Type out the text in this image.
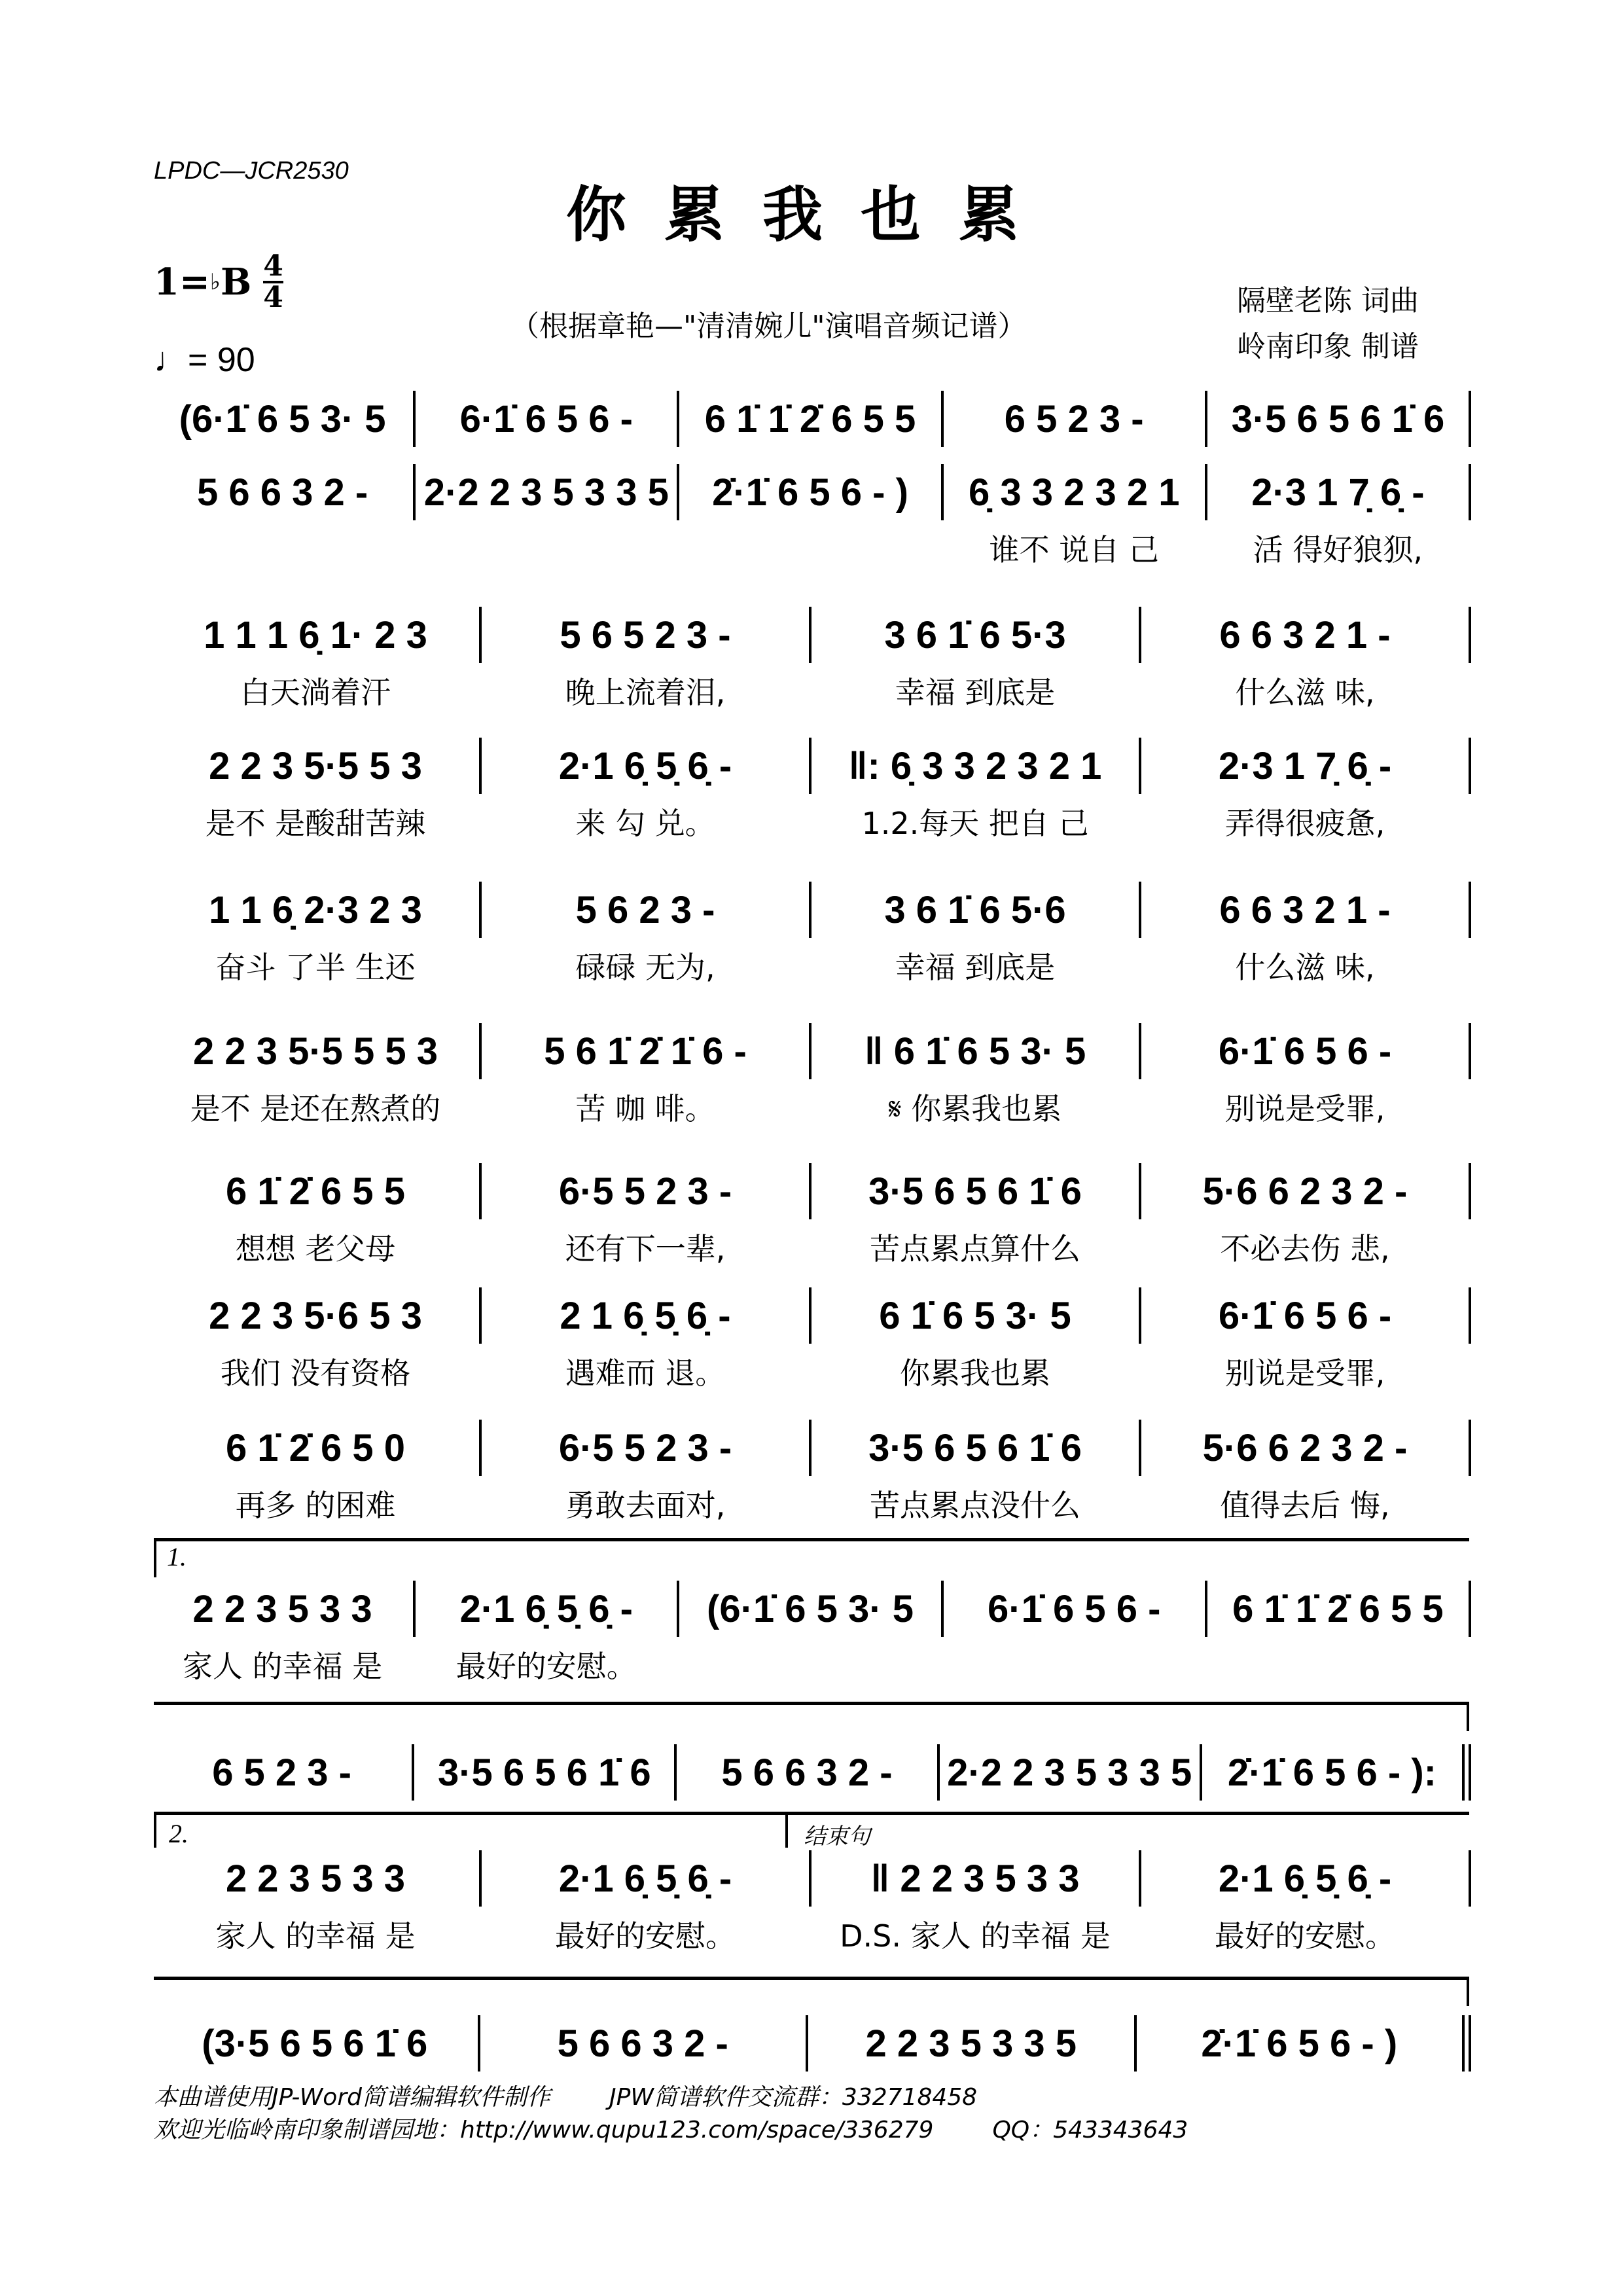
LPDC—JCR2530
你累我也累
1= ♭ B $\frac{4}{4}$
♩= 90
（根据章艳—"清清婉儿"演唱音频记谱）
隔壁老陈 词曲
岭南印象 制谱
(6·1̇ 6 5 3· 5	6·1̇ 6 5 6 -	6 1̇ 1̇ 2̇ 6 5 5	6 5 2 3 -	3·5 6 5 6 1̇ 6
5 6 6 3 2 -	2·2 2 3 5 3 3 5	2̇·1̇ 6 5 6 - )	6̣ 3 3 2 3 2 1	2·3 1 7̣ 6̣ -
谁不 说自 己	活 得好狼狈,
1 1 1 6̣ 1· 2 3	5 6 5 2 3 -	3 6 1̇ 6 5·3	6 6 3 2 1 -
白天淌着汗	晚上流着泪,	幸福 到底是	什么滋 味,
2 2 3 5·5 5 3	2·1 6̣ 5̣ 6̣ -	‖: 6̣ 3 3 2 3 2 1	2·3 1 7̣ 6̣ -
是不 是酸甜苦辣	来 勾 兑。	1.2.每天 把自 己	弄得很疲惫,
1 1 6̣ 2·3 2 3	5 6 2 3 -	3 6 1̇ 6 5·6	6 6 3 2 1 -
奋斗 了半 生还	碌碌 无为,	幸福 到底是	什么滋 味,
2 2 3 5·5 5 5 3	5 6 1̇ 2̇ 1̇ 6 -	‖ 6 1̇ 6 5 3· 5	6·1̇ 6 5 6 -
是不 是还在熬煮的	苦 咖 啡。	𝄋 你累我也累	别说是受罪,
6 1̇ 2̇ 6 5 5	6·5 5 2 3 -	3·5 6 5 6 1̇ 6	5·6 6 2 3 2 -
想想 老父母	还有下一辈,	苦点累点算什么	不必去伤 悲,
2 2 3 5·6 5 3	2 1 6̣ 5̣ 6̣ -	6 1̇ 6 5 3· 5	6·1̇ 6 5 6 -
我们 没有资格	遇难而 退。	你累我也累	别说是受罪,
6 1̇ 2̇ 6 5 0	6·5 5 2 3 -	3·5 6 5 6 1̇ 6	5·6 6 2 3 2 -
再多 的困难	勇敢去面对,	苦点累点没什么	值得去后 悔,
2 2 3 5 3 3	2·1 6̣ 5̣ 6̣ -	(6·1̇ 6 5 3· 5	6·1̇ 6 5 6 -	6 1̇ 1̇ 2̇ 6 5 5
家人 的幸福 是	最好的安慰。
6 5 2 3 -	3·5 6 5 6 1̇ 6	5 6 6 3 2 -	2·2 2 3 5 3 3 5 2̇·1̇ 6 5 6 - ):
2 2 3 5 3 3	2·1 6̣ 5̣ 6̣ -	‖ 2 2 3 5 3 3	2·1 6̣ 5̣ 6̣ -
家人 的幸福 是	最好的安慰。	D.S. 家人 的幸福 是	最好的安慰。
(3·5 6 5 6 1̇ 6	5 6 6 3 2 -	2 2 3 5 3 3 5	2̇·1̇ 6 5 6 - )
1.
2.	结束句
本曲谱使用JP-Word简谱编辑软件制作	JPW简谱软件交流群：332718458
欢迎光临岭南印象制谱园地：http://www.qupu123.com/space/336279	QQ：543343643
